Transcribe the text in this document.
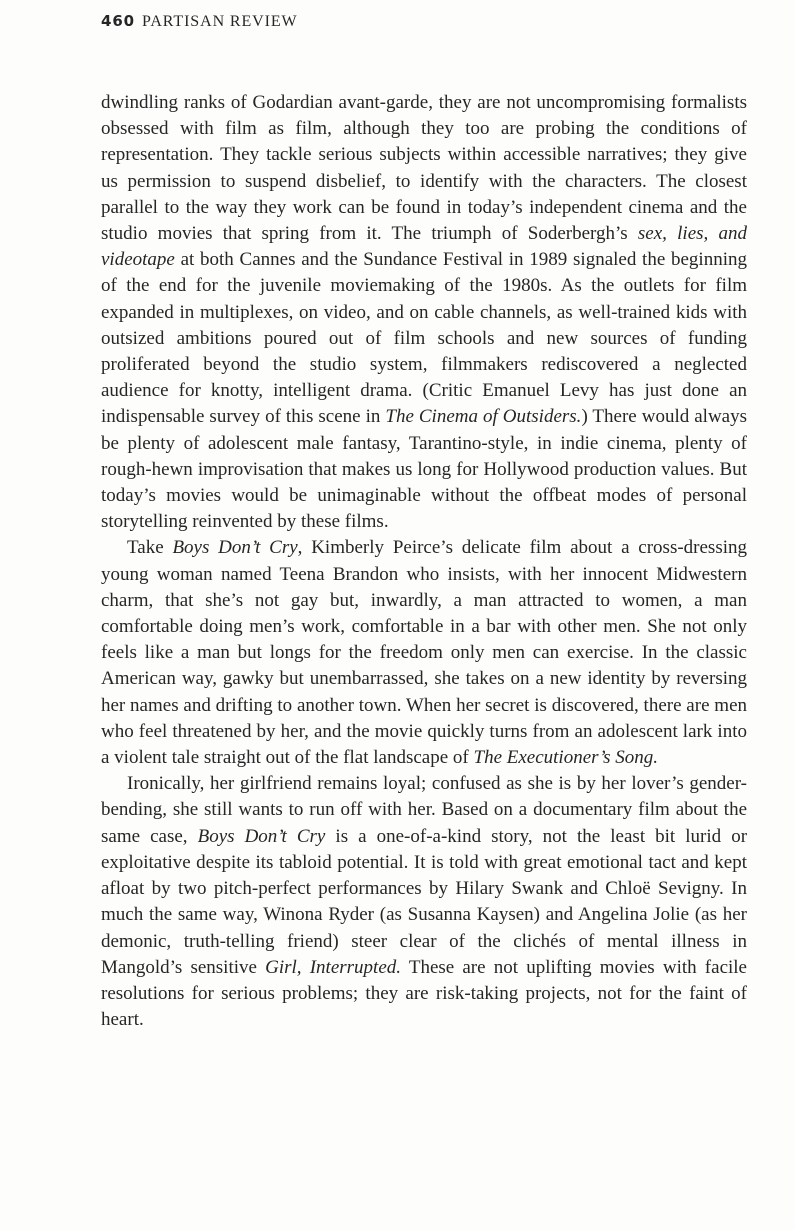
460 PARTISAN REVIEW

dwindling ranks of Godardian avant-garde, they are not uncompromising formalists obsessed with film as film, although they too are probing the conditions of representation. They tackle serious subjects within accessible narratives; they give us permission to suspend disbelief, to identify with the characters. The closest parallel to the way they work can be found in today’s independent cinema and the studio movies that spring from it. The triumph of Soderbergh’s sex, lies, and videotape at both Cannes and the Sundance Festival in 1989 signaled the beginning of the end for the juvenile moviemaking of the 1980s. As the outlets for film expanded in multiplexes, on video, and on cable channels, as well-trained kids with outsized ambitions poured out of film schools and new sources of funding proliferated beyond the studio system, filmmakers rediscovered a neglected audience for knotty, intelligent drama. (Critic Emanuel Levy has just done an indispensable survey of this scene in The Cinema of Outsiders.) There would always be plenty of adolescent male fantasy, Tarantino-style, in indie cinema, plenty of rough-hewn improvisation that makes us long for Hollywood production values. But today’s movies would be unimaginable without the offbeat modes of personal storytelling reinvented by these films.

Take Boys Don’t Cry, Kimberly Peirce’s delicate film about a cross-dressing young woman named Teena Brandon who insists, with her innocent Midwestern charm, that she’s not gay but, inwardly, a man attracted to women, a man comfortable doing men’s work, comfortable in a bar with other men. She not only feels like a man but longs for the freedom only men can exercise. In the classic American way, gawky but unembarrassed, she takes on a new identity by reversing her names and drifting to another town. When her secret is discovered, there are men who feel threatened by her, and the movie quickly turns from an adolescent lark into a violent tale straight out of the flat landscape of The Executioner’s Song.

Ironically, her girlfriend remains loyal; confused as she is by her lover’s gender-bending, she still wants to run off with her. Based on a documentary film about the same case, Boys Don’t Cry is a one-of-a-kind story, not the least bit lurid or exploitative despite its tabloid potential. It is told with great emotional tact and kept afloat by two pitch-perfect performances by Hilary Swank and Chloë Sevigny. In much the same way, Winona Ryder (as Susanna Kaysen) and Angelina Jolie (as her demonic, truth-telling friend) steer clear of the clichés of mental illness in Mangold’s sensitive Girl, Interrupted. These are not uplifting movies with facile resolutions for serious problems; they are risk-taking projects, not for the faint of heart.
